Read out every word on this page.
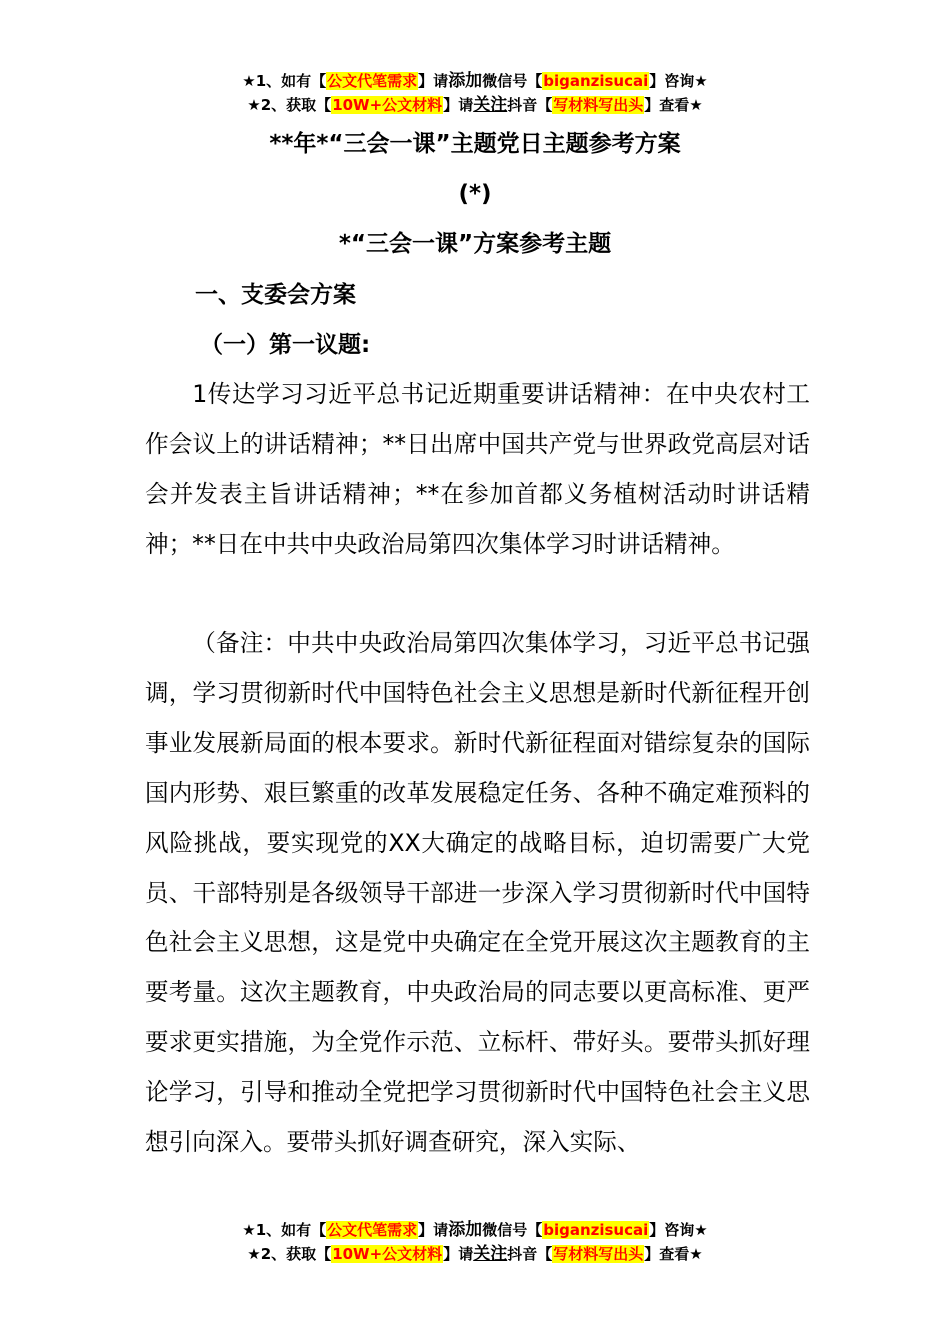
★1、如有【公文代笔需求】请添加微信号【biganzisucai】咨询★
★2、获取【10W+公文材料】请关注抖音【写材料写出头】查看★
**年*“三会一课”主题党日主题参考方案
(*)
*“三会一课”方案参考主题
一、支委会方案
（一）第一议题:

1传达学习习近平总书记近期重要讲话精神：在中央农村工作会议上的讲话精神；**日出席中国共产党与世界政党高层对话会并发表主旨讲话精神；**在参加首都义务植树活动时讲话精神；**日在中共中央政治局第四次集体学习时讲话精神。

（备注：中共中央政治局第四次集体学习，习近平总书记强调，学习贯彻新时代中国特色社会主义思想是新时代新征程开创事业发展新局面的根本要求。新时代新征程面对错综复杂的国际国内形势、艰巨繁重的改革发展稳定任务、各种不确定难预料的风险挑战，要实现党的XX大确定的战略目标，迫切需要广大党员、干部特别是各级领导干部进一步深入学习贯彻新时代中国特色社会主义思想，这是党中央确定在全党开展这次主题教育的主要考量。这次主题教育，中央政治局的同志要以更高标准、更严要求更实措施，为全党作示范、立标杆、带好头。要带头抓好理论学习，引导和推动全党把学习贯彻新时代中国特色社会主义思想引向深入。要带头抓好调查研究，深入实际、

★1、如有【公文代笔需求】请添加微信号【biganzisucai】咨询★
★2、获取【10W+公文材料】请关注抖音【写材料写出头】查看★
